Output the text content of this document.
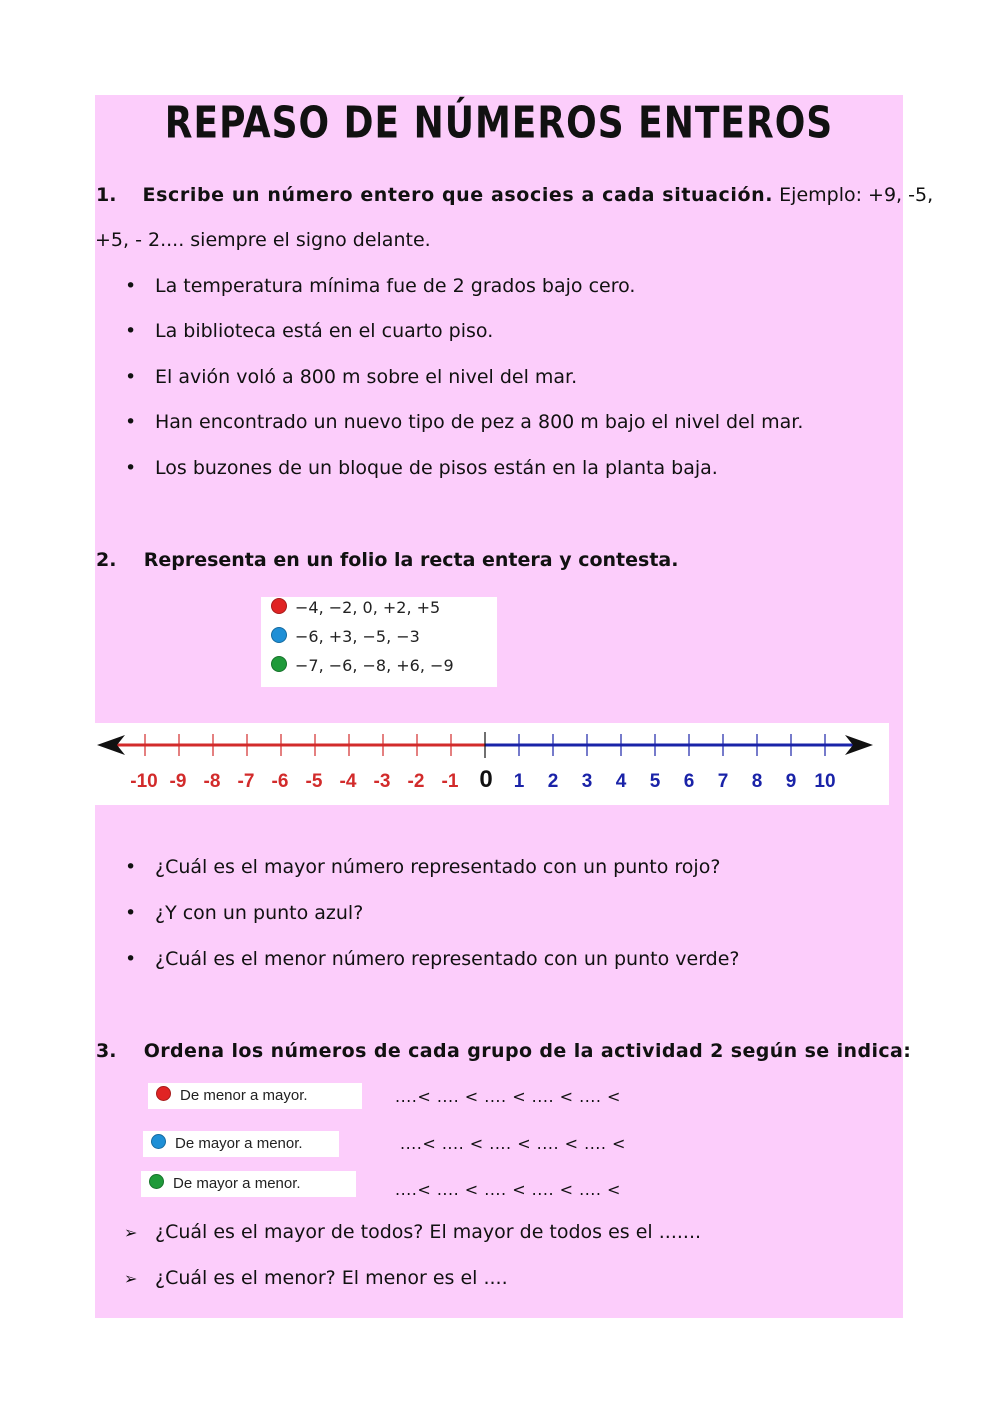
REPASO DE NÚMEROS ENTEROS
1. Escribe un número entero que asocies a cada situación. Ejemplo: +9, -5,
+5, - 2.... siempre el signo delante.
• La temperatura mínima fue de 2 grados bajo cero.
• La biblioteca está en el cuarto piso.
• El avión voló a 800 m sobre el nivel del mar.
• Han encontrado un nuevo tipo de pez a 800 m bajo el nivel del mar.
• Los buzones de un bloque de pisos están en la planta baja.
2. Representa en un folio la recta entera y contesta.
−4, −2, 0, +2, +5
−6, +3, −5, −3
−7, −6, −8, +6, −9
-10 -9 -8 -7 -6 -5 -4 -3 -2 -1 0 1 2 3 4 5 6 7 8 9 10
• ¿Cuál es el mayor número representado con un punto rojo?
• ¿Y con un punto azul?
• ¿Cuál es el menor número representado con un punto verde?
3. Ordena los números de cada grupo de la actividad 2 según se indica:
De menor a mayor.	....< .... < .... < .... < .... <
De mayor a menor.	....< .... < .... < .... < .... <
De mayor a menor.	....< .... < .... < .... < .... <
➢ ¿Cuál es el mayor de todos? El mayor de todos es el .......
➢ ¿Cuál es el menor? El menor es el ....
